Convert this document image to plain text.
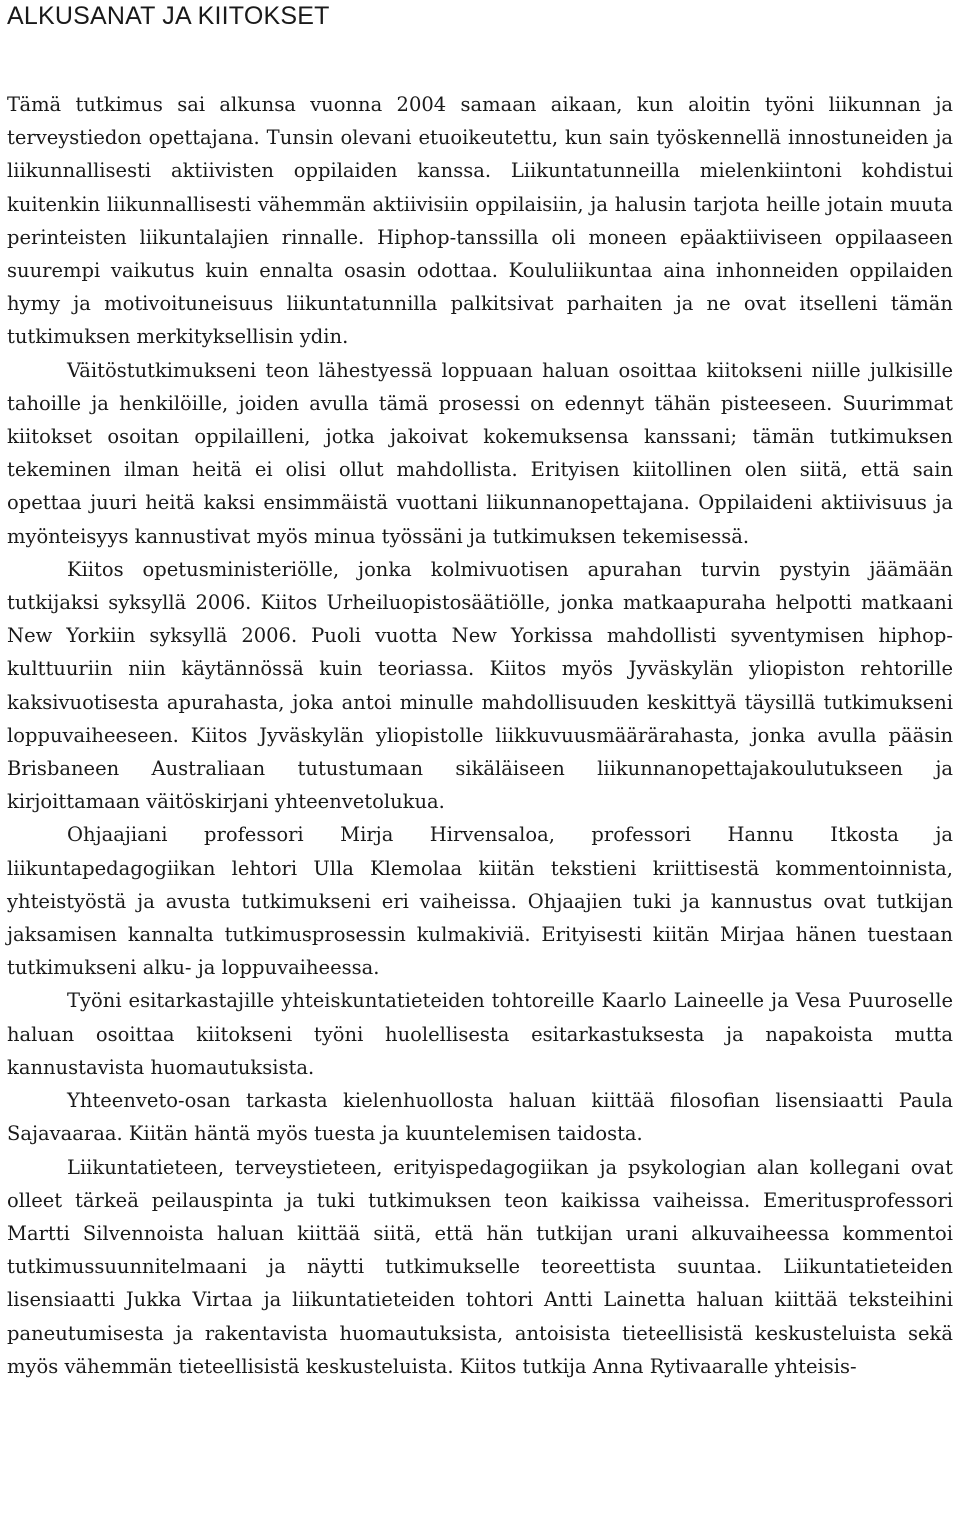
ALKUSANAT JA KIITOKSET

Tämä tutkimus sai alkunsa vuonna 2004 samaan aikaan, kun aloitin työni liikunnan ja terveystiedon opettajana. Tunsin olevani etuoikeutettu, kun sain työskennellä innostuneiden ja liikunnallisesti aktiivisten oppilaiden kanssa. Liikuntatunneilla mielenkiintoni kohdistui kuitenkin liikunnallisesti vähemmän aktiivisiin oppilaisiin, ja halusin tarjota heille jotain muuta perinteisten liikuntalajien rinnalle. Hiphop-tanssilla oli moneen epäaktiiviseen oppilaaseen suurempi vaikutus kuin ennalta osasin odottaa. Koululiikuntaa aina inhonneiden oppilaiden hymy ja motivoituneisuus liikuntatunnilla palkitsivat parhaiten ja ne ovat itselleni tämän tutkimuksen merkityksellisin ydin.

Väitöstutkimukseni teon lähestyessä loppuaan haluan osoittaa kiitokseni niille julkisille tahoille ja henkilöille, joiden avulla tämä prosessi on edennyt tähän pisteeseen. Suurimmat kiitokset osoitan oppilailleni, jotka jakoivat kokemuksensa kanssani; tämän tutkimuksen tekeminen ilman heitä ei olisi ollut mahdollista. Erityisen kiitollinen olen siitä, että sain opettaa juuri heitä kaksi ensimmäistä vuottani liikunnanopettajana. Oppilaideni aktiivisuus ja myönteisyys kannustivat myös minua työssäni ja tutkimuksen tekemisessä.

Kiitos opetusministeriölle, jonka kolmivuotisen apurahan turvin pystyin jäämään tutkijaksi syksyllä 2006. Kiitos Urheiluopistosäätiölle, jonka matkaapuraha helpotti matkaani New Yorkiin syksyllä 2006. Puoli vuotta New Yorkissa mahdollisti syventymisen hiphop-kulttuuriin niin käytännössä kuin teoriassa. Kiitos myös Jyväskylän yliopiston rehtorille kaksivuotisesta apurahasta, joka antoi minulle mahdollisuuden keskittyä täysillä tutkimukseni loppuvaiheeseen. Kiitos Jyväskylän yliopistolle liikkuvuusmäärärahasta, jonka avulla pääsin Brisbaneen Australiaan tutustumaan sikäläiseen liikunnanopettajakoulutukseen ja kirjoittamaan väitöskirjani yhteenvetolukua.

Ohjaajiani professori Mirja Hirvensaloa, professori Hannu Itkosta ja liikuntapedagogiikan lehtori Ulla Klemolaa kiitän tekstieni kriittisestä kommentoinnista, yhteistyöstä ja avusta tutkimukseni eri vaiheissa. Ohjaajien tuki ja kannustus ovat tutkijan jaksamisen kannalta tutkimusprosessin kulmakiviä. Erityisesti kiitän Mirjaa hänen tuestaan tutkimukseni alku- ja loppuvaiheessa.

Työni esitarkastajille yhteiskuntatieteiden tohtoreille Kaarlo Laineelle ja Vesa Puuroselle haluan osoittaa kiitokseni työni huolellisesta esitarkastuksesta ja napakoista mutta kannustavista huomautuksista.

Yhteenveto-osan tarkasta kielenhuollosta haluan kiittää filosofian lisensiaatti Paula Sajavaaraa. Kiitän häntä myös tuesta ja kuuntelemisen taidosta.

Liikuntatieteen, terveystieteen, erityispedagogiikan ja psykologian alan kollegani ovat olleet tärkeä peilauspinta ja tuki tutkimuksen teon kaikissa vaiheissa. Emeritusprofessori Martti Silvennoista haluan kiittää siitä, että hän tutkijan urani alkuvaiheessa kommentoi tutkimussuunnitelmaani ja näytti tutkimukselle teoreettista suuntaa. Liikuntatieteiden lisensiaatti Jukka Virtaa ja liikuntatieteiden tohtori Antti Lainetta haluan kiittää teksteihini paneutumisesta ja rakentavista huomautuksista, antoisista tieteellisistä keskusteluista sekä myös vähemmän tieteellisistä keskusteluista. Kiitos tutkija Anna Rytivaaralle yhteisis-
